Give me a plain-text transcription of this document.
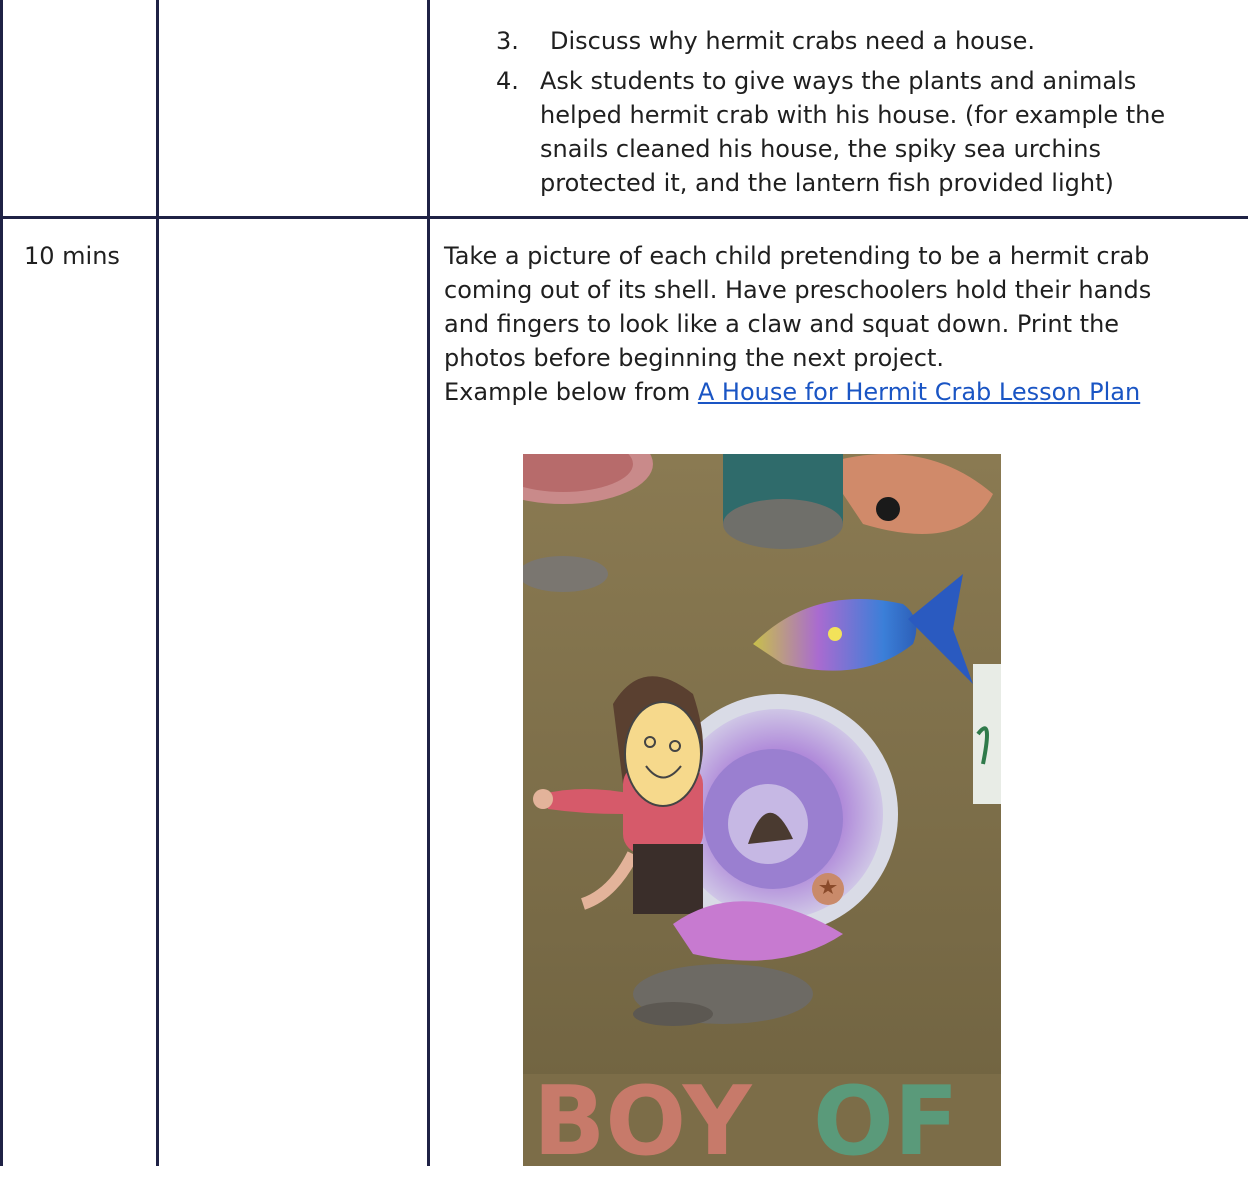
3. Discuss why hermit crabs need a house.
4. Ask students to give ways the plants and animals
helped hermit crab with his house. (for example the
snails cleaned his house, the spiky sea urchins
protected it, and the lantern fish provided light)
10 mins	Take a picture of each child pretending to be a hermit crab
coming out of its shell. Have preschoolers hold their hands
and fingers to look like a claw and squat down. Print the
photos before beginning the next project.
Example below from A House for Hermit Crab Lesson Plan
BOY OF
